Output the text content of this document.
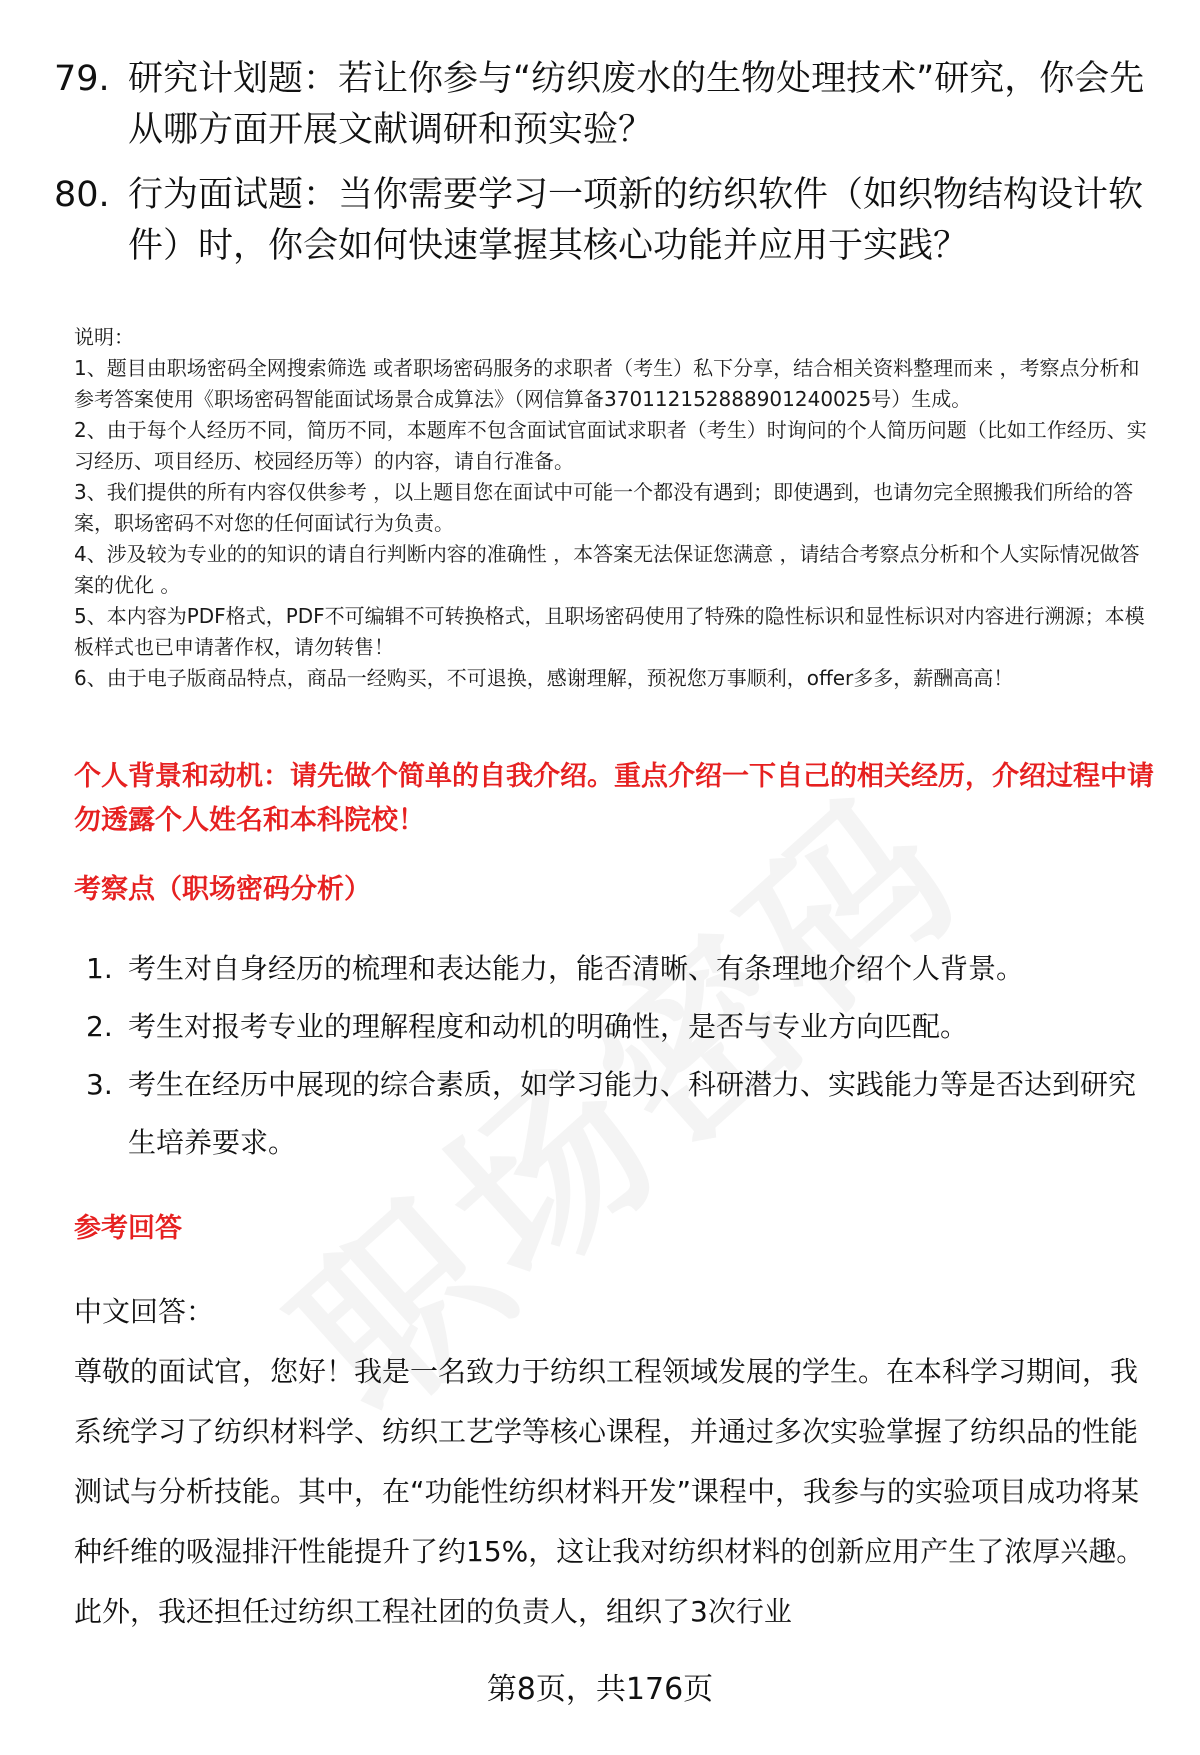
79. 研究计划题：若让你参与“纺织废水的生物处理技术”研究，你会先从哪方面开展文献调研和预实验？
80. 行为面试题：当你需要学习一项新的纺织软件（如织物结构设计软件）时，你会如何快速掌握其核心功能并应用于实践？

说明：

1、题目由职场密码全网搜索筛选 或者职场密码服务的求职者（考生）私下分享，结合相关资料整理而来 ，考察点分析和参考答案使用《职场密码智能面试场景合成算法》（网信算备370112152888901240025号）生成。

2、由于每个人经历不同，简历不同，本题库不包含面试官面试求职者（考生）时询问的个人简历问题（比如工作经历、实习经历、项目经历、校园经历等）的内容，请自行准备。

3、我们提供的所有内容仅供参考 ，以上题目您在面试中可能一个都没有遇到；即使遇到，也请勿完全照搬我们所给的答案，职场密码不对您的任何面试行为负责。

4、涉及较为专业的的知识的请自行判断内容的准确性 ，本答案无法保证您满意 ，请结合考察点分析和个人实际情况做答案的优化 。

5、本内容为PDF格式，PDF不可编辑不可转换格式，且职场密码使用了特殊的隐性标识和显性标识对内容进行溯源；本模板样式也已申请著作权，请勿转售！

6、由于电子版商品特点，商品一经购买，不可退换，感谢理解，预祝您万事顺利，offer多多，薪酬高高！

个人背景和动机：请先做个简单的自我介绍。重点介绍一下自己的相关经历，介绍过程中请勿透露个人姓名和本科院校！
考察点（职场密码分析）
1. 考生对自身经历的梳理和表达能力，能否清晰、有条理地介绍个人背景。
2. 考生对报考专业的理解程度和动机的明确性，是否与专业方向匹配。
3. 考生在经历中展现的综合素质，如学习能力、科研潜力、实践能力等是否达到研究生培养要求。
参考回答

中文回答：

尊敬的面试官，您好！我是一名致力于纺织工程领域发展的学生。在本科学习期间，我系统学习了纺织材料学、纺织工艺学等核心课程，并通过多次实验掌握了纺织品的性能测试与分析技能。其中，在“功能性纺织材料开发”课程中，我参与的实验项目成功将某种纤维的吸湿排汗性能提升了约15%，这让我对纺织材料的创新应用产生了浓厚兴趣。此外，我还担任过纺织工程社团的负责人，组织了3次行业

第8页，共176页
